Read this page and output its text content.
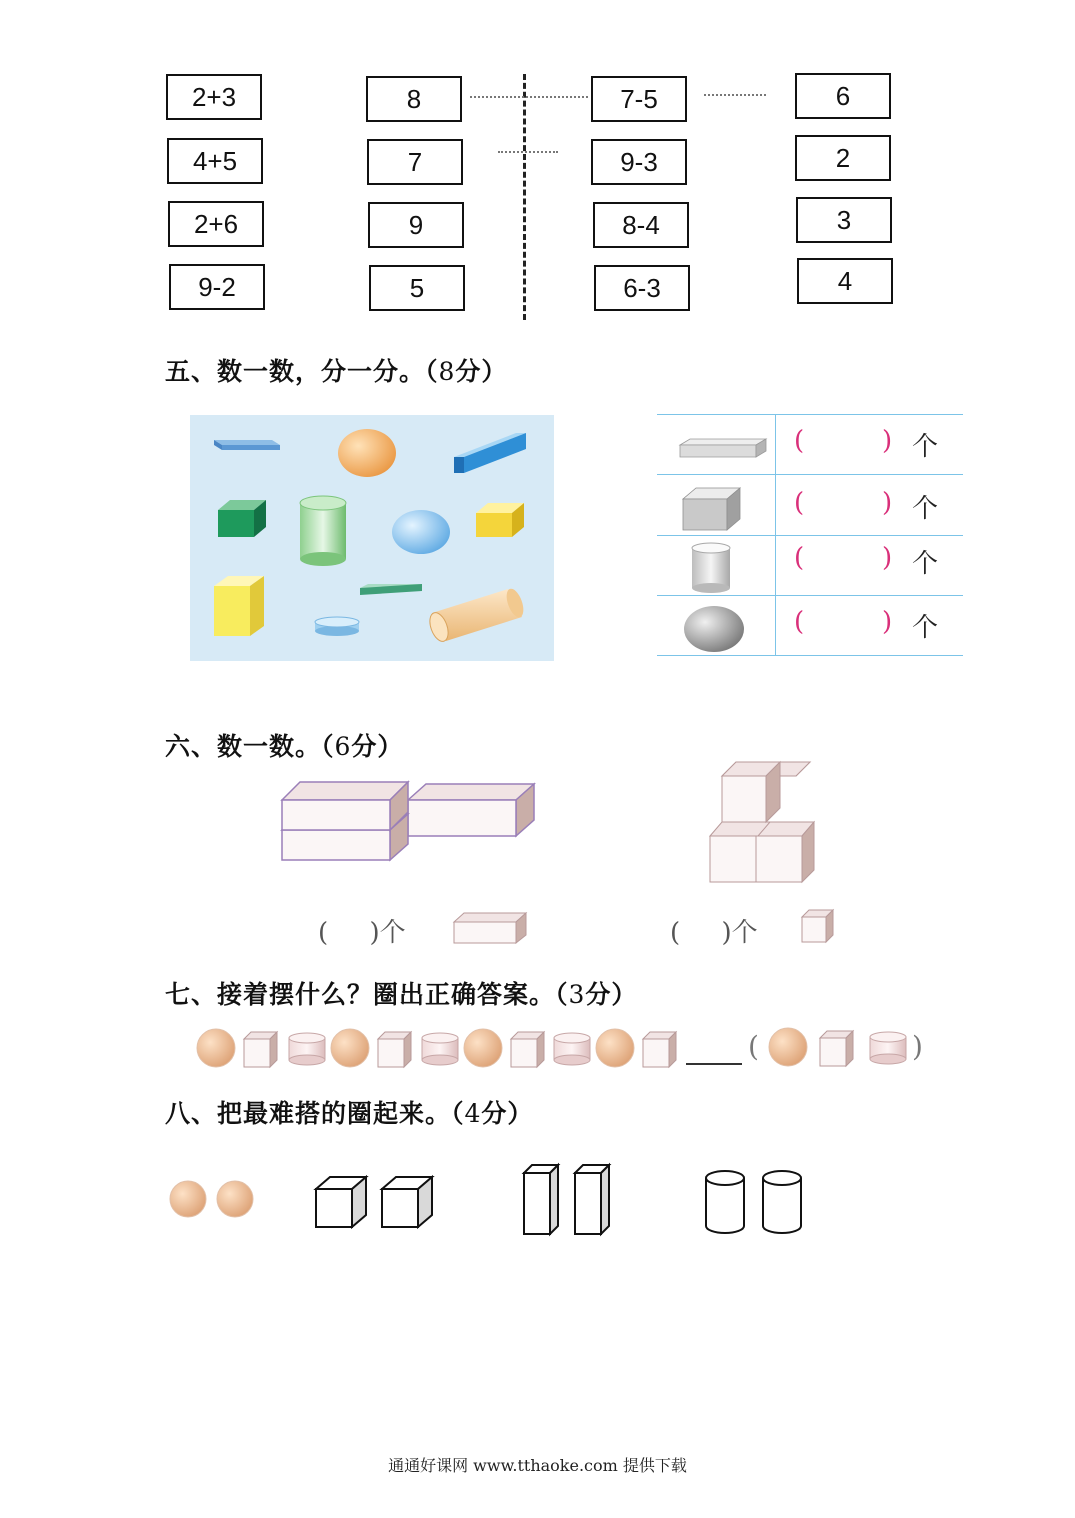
2+3
4+5
2+6
9-2
8
7
9
5
7-5
9-3
8-4
6-3
6
2
3
4
五、数一数，分一分。（8分）
(	) 个
(	) 个
(	) 个
(	) 个
六、数一数。（6分）
(     )个	(     )个
七、接着摆什么？圈出正确答案。（3分）
(	)
八、把最难搭的圈起来。（4分）
通通好课网 www.tthaoke.com 提供下载
